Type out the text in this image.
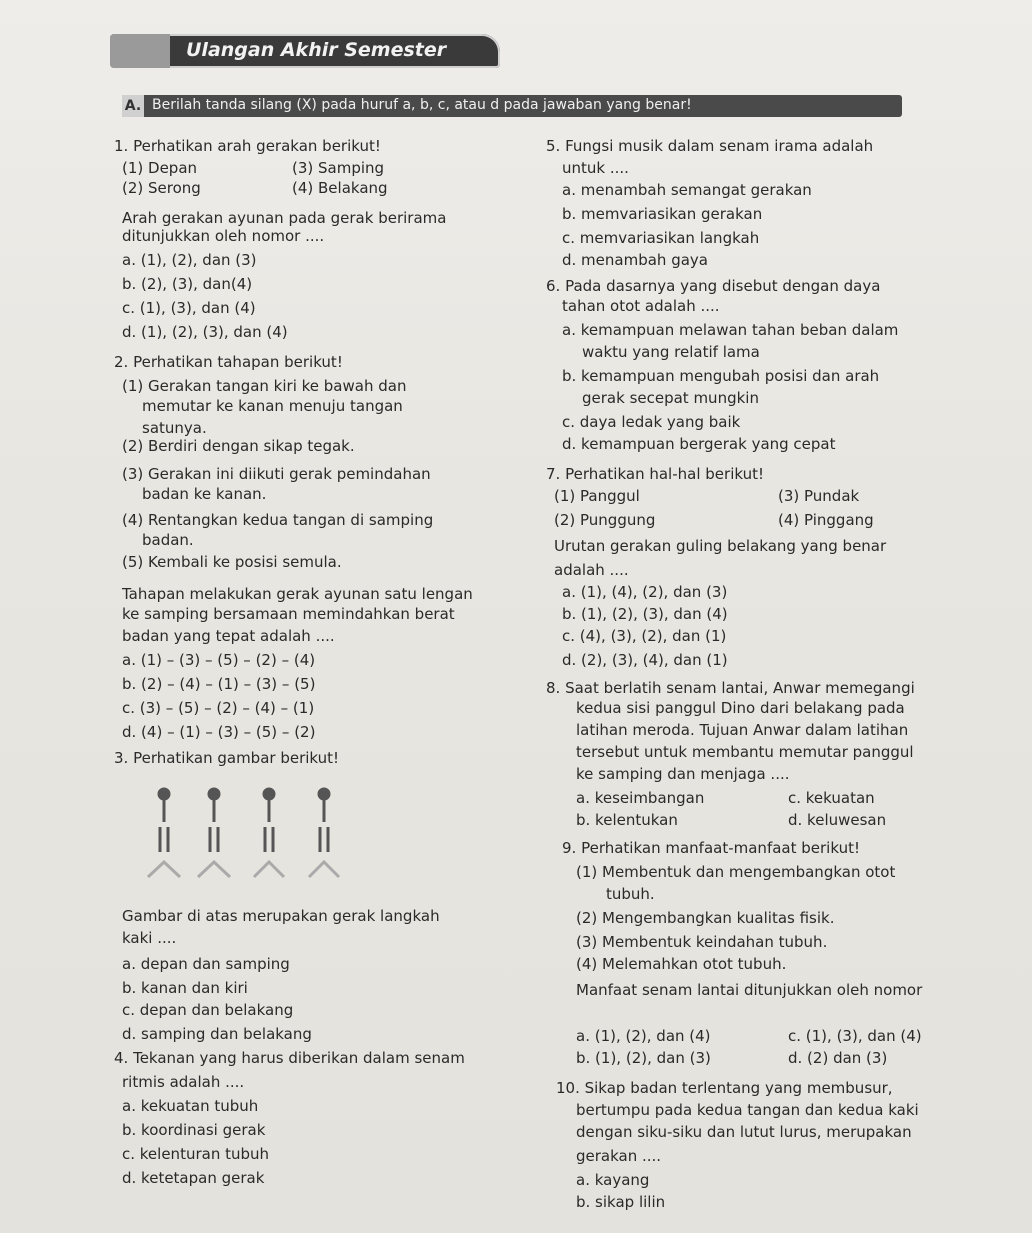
Ulangan Akhir Semester
A. Berilah tanda silang (X) pada huruf a, b, c, atau d pada jawaban yang benar!
1. Perhatikan arah gerakan berikut!
(1) Depan	(3) Samping
(2) Serong	(4) Belakang
Arah gerakan ayunan pada gerak berirama
ditunjukkan oleh nomor ....
a. (1), (2), dan (3)
b. (2), (3), dan(4)
c. (1), (3), dan (4)
d. (1), (2), (3), dan (4)
2. Perhatikan tahapan berikut!
(1) Gerakan tangan kiri ke bawah dan
memutar ke kanan menuju tangan
satunya.
(2) Berdiri dengan sikap tegak.
(3) Gerakan ini diikuti gerak pemindahan
badan ke kanan.
(4) Rentangkan kedua tangan di samping
badan.
(5) Kembali ke posisi semula.
Tahapan melakukan gerak ayunan satu lengan
ke samping bersamaan memindahkan berat
badan yang tepat adalah ....
a. (1) – (3) – (5) – (2) – (4)
b. (2) – (4) – (1) – (3) – (5)
c. (3) – (5) – (2) – (4) – (1)
d. (4) – (1) – (3) – (5) – (2)
3. Perhatikan gambar berikut!
Gambar di atas merupakan gerak langkah
kaki ....
a. depan dan samping
b. kanan dan kiri
c. depan dan belakang
d. samping dan belakang
4. Tekanan yang harus diberikan dalam senam
ritmis adalah ....
a. kekuatan tubuh
b. koordinasi gerak
c. kelenturan tubuh
d. ketetapan gerak
5. Fungsi musik dalam senam irama adalah
untuk ....
a. menambah semangat gerakan
b. memvariasikan gerakan
c. memvariasikan langkah
d. menambah gaya
6. Pada dasarnya yang disebut dengan daya
tahan otot adalah ....
a. kemampuan melawan tahan beban dalam
waktu yang relatif lama
b. kemampuan mengubah posisi dan arah
gerak secepat mungkin
c. daya ledak yang baik
d. kemampuan bergerak yang cepat
7. Perhatikan hal-hal berikut!
(1) Panggul	(3) Pundak
(2) Punggung	(4) Pinggang
Urutan gerakan guling belakang yang benar
adalah ....
a. (1), (4), (2), dan (3)
b. (1), (2), (3), dan (4)
c. (4), (3), (2), dan (1)
d. (2), (3), (4), dan (1)
8. Saat berlatih senam lantai, Anwar memegangi
kedua sisi panggul Dino dari belakang pada
latihan meroda. Tujuan Anwar dalam latihan
tersebut untuk membantu memutar panggul
ke samping dan menjaga ....
a. keseimbangan	c. kekuatan
b. kelentukan	d. keluwesan
9. Perhatikan manfaat-manfaat berikut!
(1) Membentuk dan mengembangkan otot
tubuh.
(2) Mengembangkan kualitas fisik.
(3) Membentuk keindahan tubuh.
(4) Melemahkan otot tubuh.
Manfaat senam lantai ditunjukkan oleh nomor
a. (1), (2), dan (4)	c. (1), (3), dan (4)
b. (1), (2), dan (3)	d. (2) dan (3)
10. Sikap badan terlentang yang membusur,
bertumpu pada kedua tangan dan kedua kaki
dengan siku-siku dan lutut lurus, merupakan
gerakan ....
a. kayang
b. sikap lilin
